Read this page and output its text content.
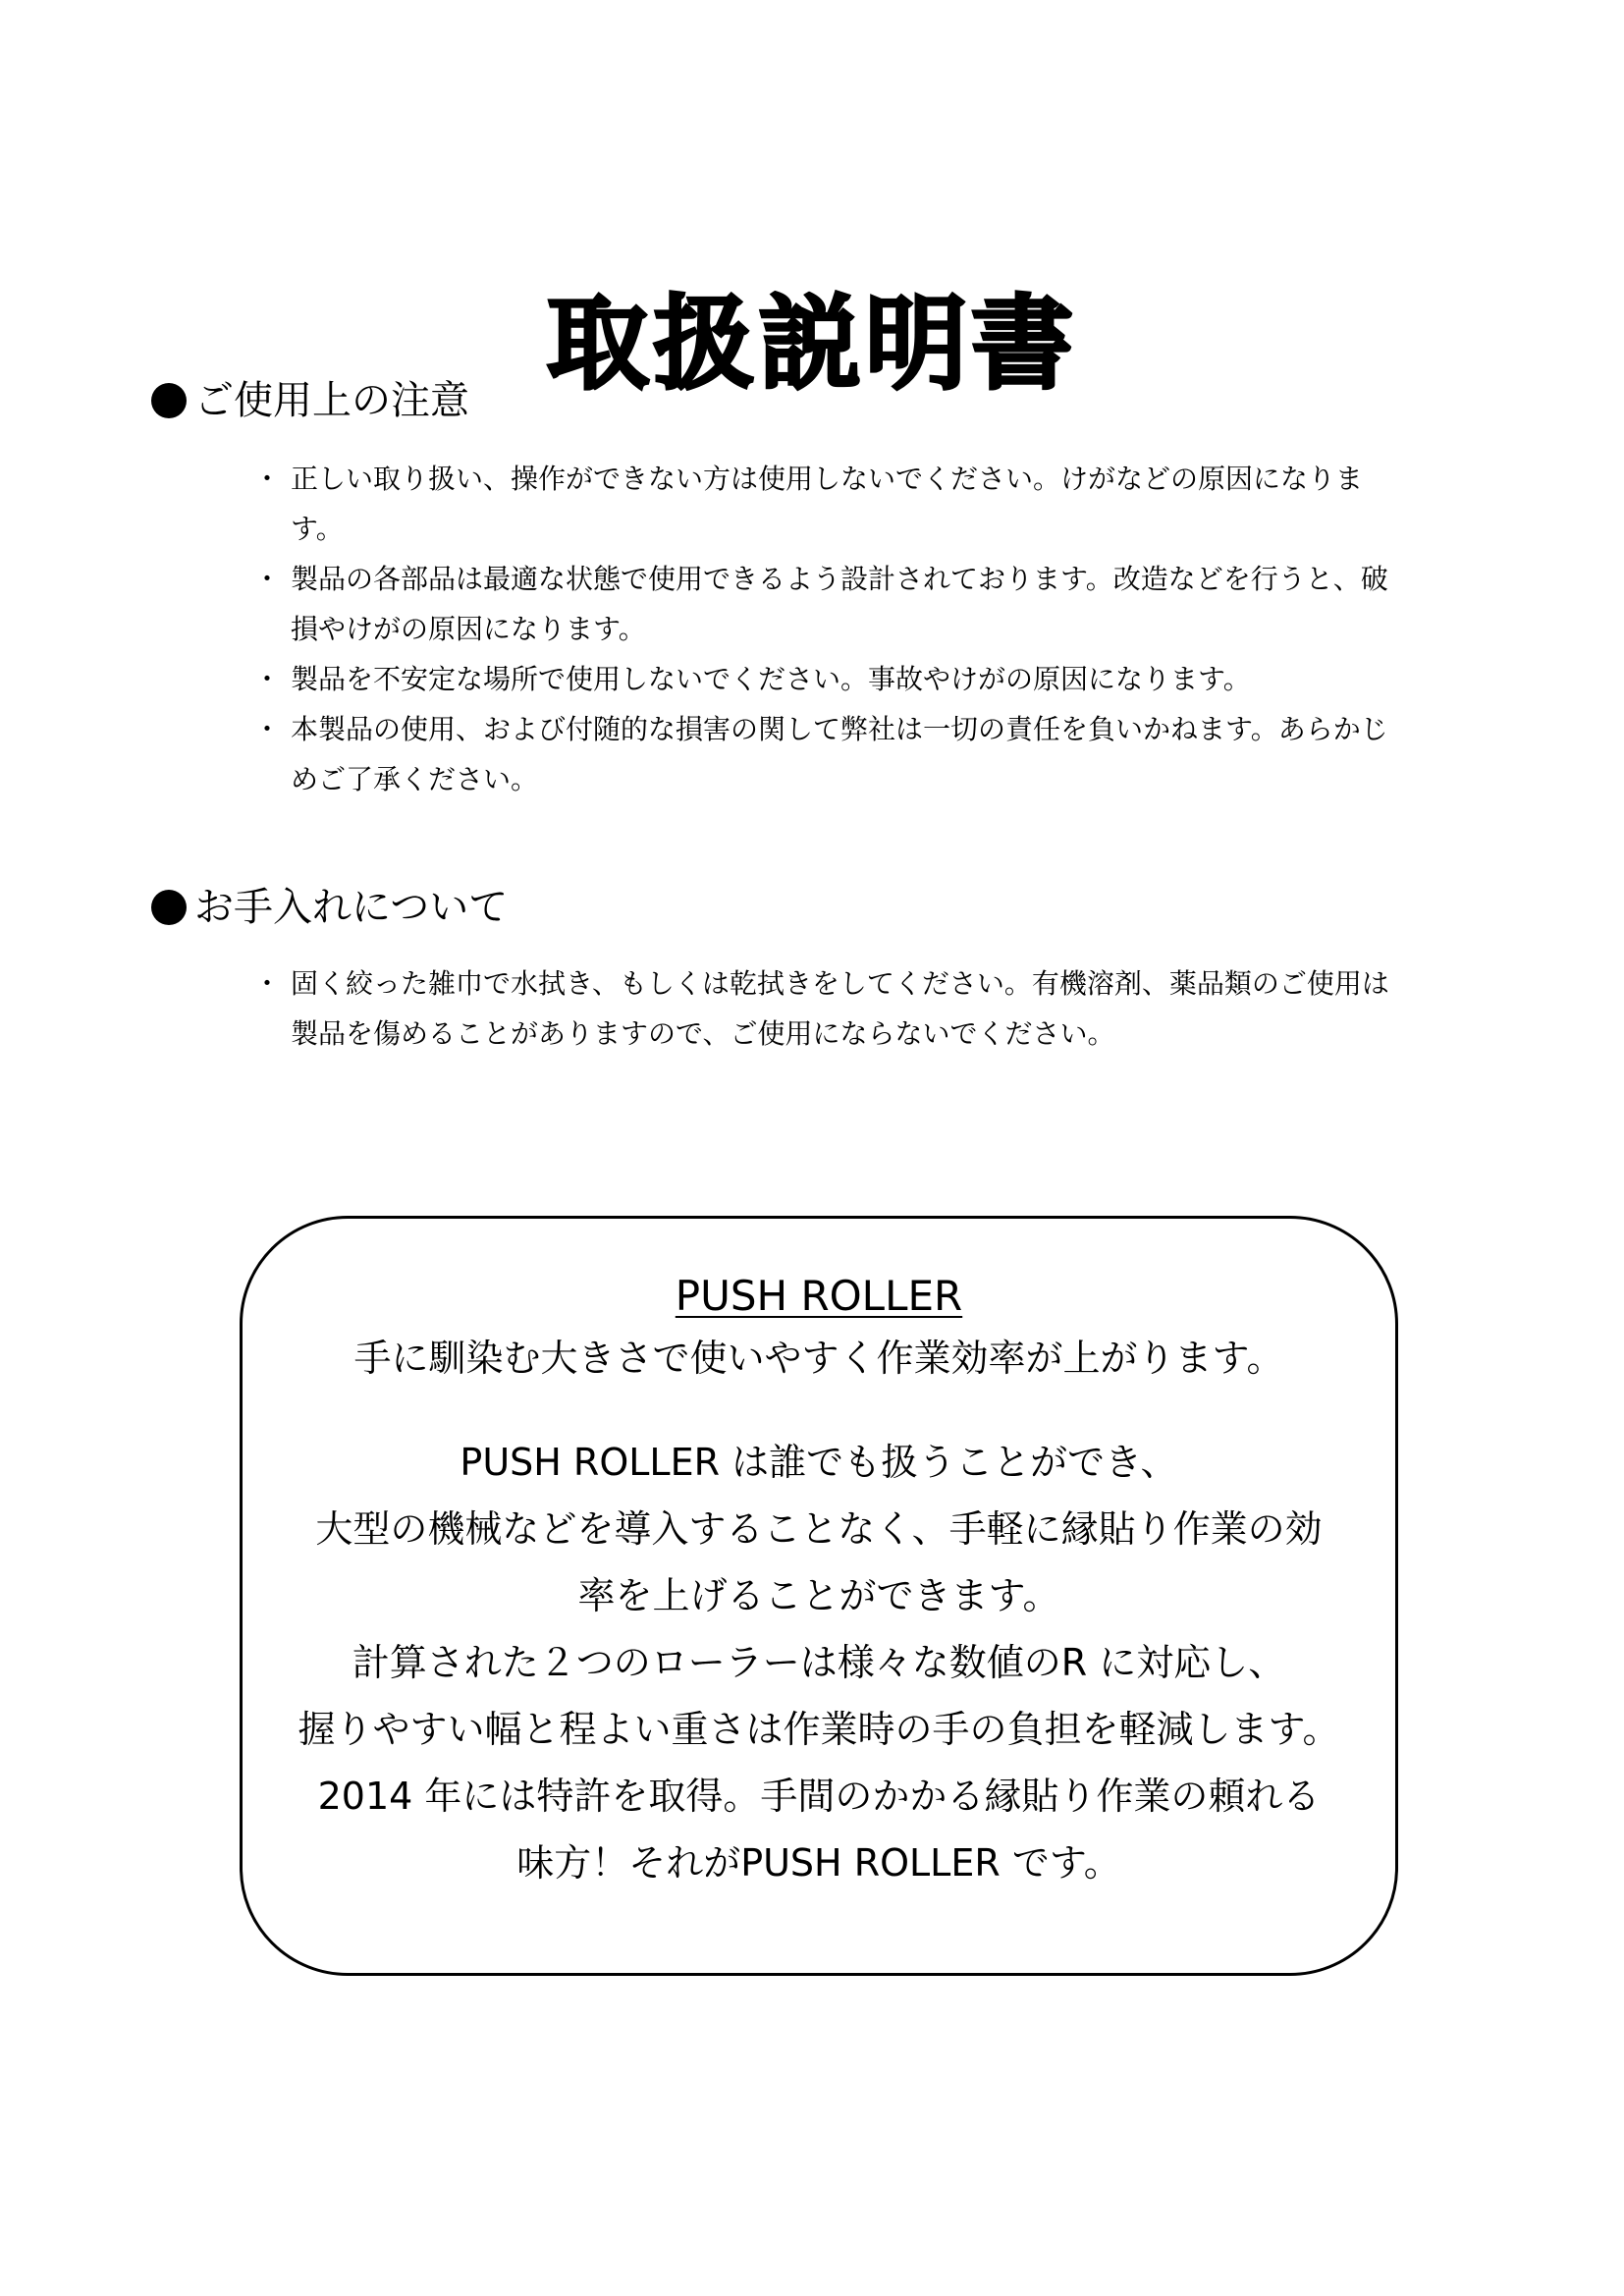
取扱説明書
ご使用上の注意
・ 正しい取り扱い、操作ができない方は使用しないでください。けがなどの原因になります。
・ 製品の各部品は最適な状態で使用できるよう設計されております。改造などを行うと、破損やけがの原因になります。
・ 製品を不安定な場所で使用しないでください。事故やけがの原因になります。
・ 本製品の使用、および付随的な損害の関して弊社は一切の責任を負いかねます。あらかじめご了承ください。
お手入れについて
・ 固く絞った雑巾で水拭き、もしくは乾拭きをしてください。有機溶剤、薬品類のご使用は製品を傷めることがありますので、ご使用にならないでください。
PUSH ROLLER
手に馴染む大きさで使いやすく作業効率が上がります。
PUSH ROLLER は誰でも扱うことができ、
大型の機械などを導入することなく、手軽に縁貼り作業の効
率を上げることができます。
計算された２つのローラーは様々な数値のR に対応し、
握りやすい幅と程よい重さは作業時の手の負担を軽減します。
2014 年には特許を取得。手間のかかる縁貼り作業の頼れる
味方！それがPUSH ROLLER です。
